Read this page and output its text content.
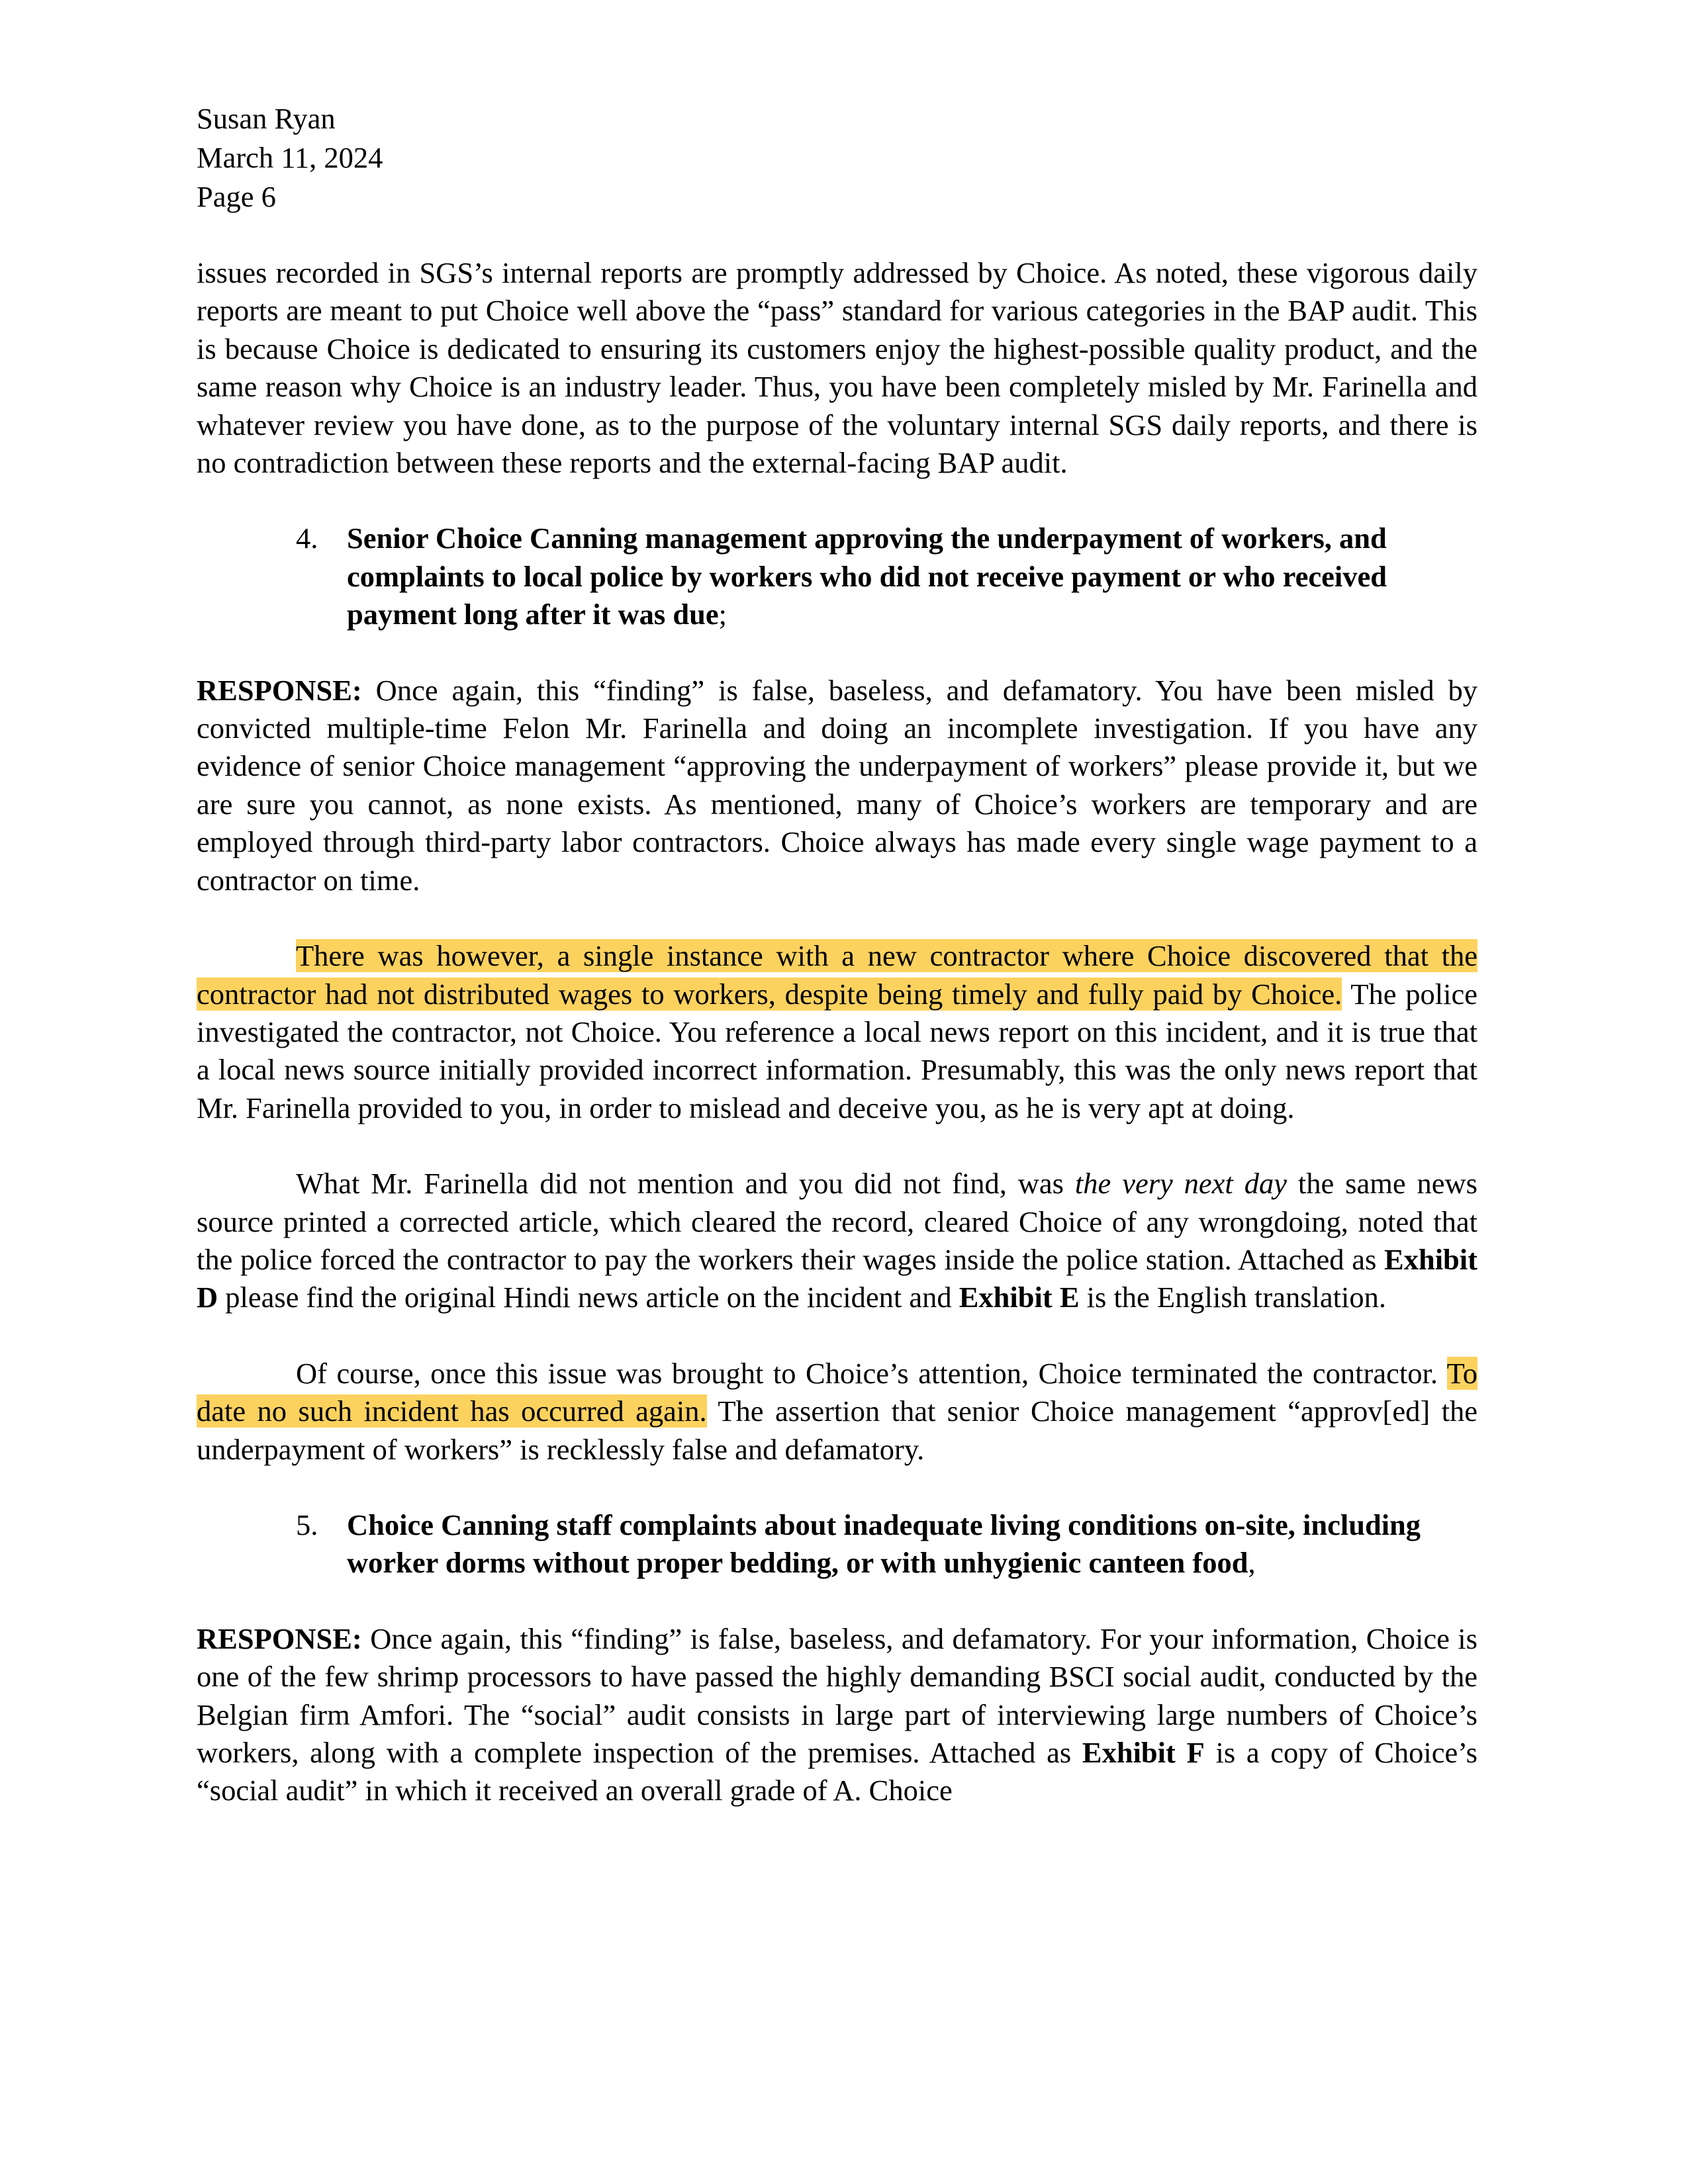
Susan Ryan
March 11, 2024
Page 6

issues recorded in SGS’s internal reports are promptly addressed by Choice. As noted, these vigorous daily reports are meant to put Choice well above the “pass” standard for various categories in the BAP audit. This is because Choice is dedicated to ensuring its customers enjoy the highest-possible quality product, and the same reason why Choice is an industry leader. Thus, you have been completely misled by Mr. Farinella and whatever review you have done, as to the purpose of the voluntary internal SGS daily reports, and there is no contradiction between these reports and the external-facing BAP audit.

4. Senior Choice Canning management approving the underpayment of workers, and complaints to local police by workers who did not receive payment or who received payment long after it was due;

RESPONSE: Once again, this “finding” is false, baseless, and defamatory. You have been misled by convicted multiple-time Felon Mr. Farinella and doing an incomplete investigation. If you have any evidence of senior Choice management “approving the underpayment of workers” please provide it, but we are sure you cannot, as none exists. As mentioned, many of Choice’s workers are temporary and are employed through third-party labor contractors. Choice always has made every single wage payment to a contractor on time.

There was however, a single instance with a new contractor where Choice discovered that the contractor had not distributed wages to workers, despite being timely and fully paid by Choice. The police investigated the contractor, not Choice. You reference a local news report on this incident, and it is true that a local news source initially provided incorrect information. Presumably, this was the only news report that Mr. Farinella provided to you, in order to mislead and deceive you, as he is very apt at doing.

What Mr. Farinella did not mention and you did not find, was the very next day the same news source printed a corrected article, which cleared the record, cleared Choice of any wrongdoing, noted that the police forced the contractor to pay the workers their wages inside the police station. Attached as Exhibit D please find the original Hindi news article on the incident and Exhibit E is the English translation.

Of course, once this issue was brought to Choice’s attention, Choice terminated the contractor. To date no such incident has occurred again. The assertion that senior Choice management “approv[ed] the underpayment of workers” is recklessly false and defamatory.

5. Choice Canning staff complaints about inadequate living conditions on-site, including worker dorms without proper bedding, or with unhygienic canteen food,

RESPONSE: Once again, this “finding” is false, baseless, and defamatory. For your information, Choice is one of the few shrimp processors to have passed the highly demanding BSCI social audit, conducted by the Belgian firm Amfori. The “social” audit consists in large part of interviewing large numbers of Choice’s workers, along with a complete inspection of the premises. Attached as Exhibit F is a copy of Choice’s “social audit” in which it received an overall grade of A. Choice
